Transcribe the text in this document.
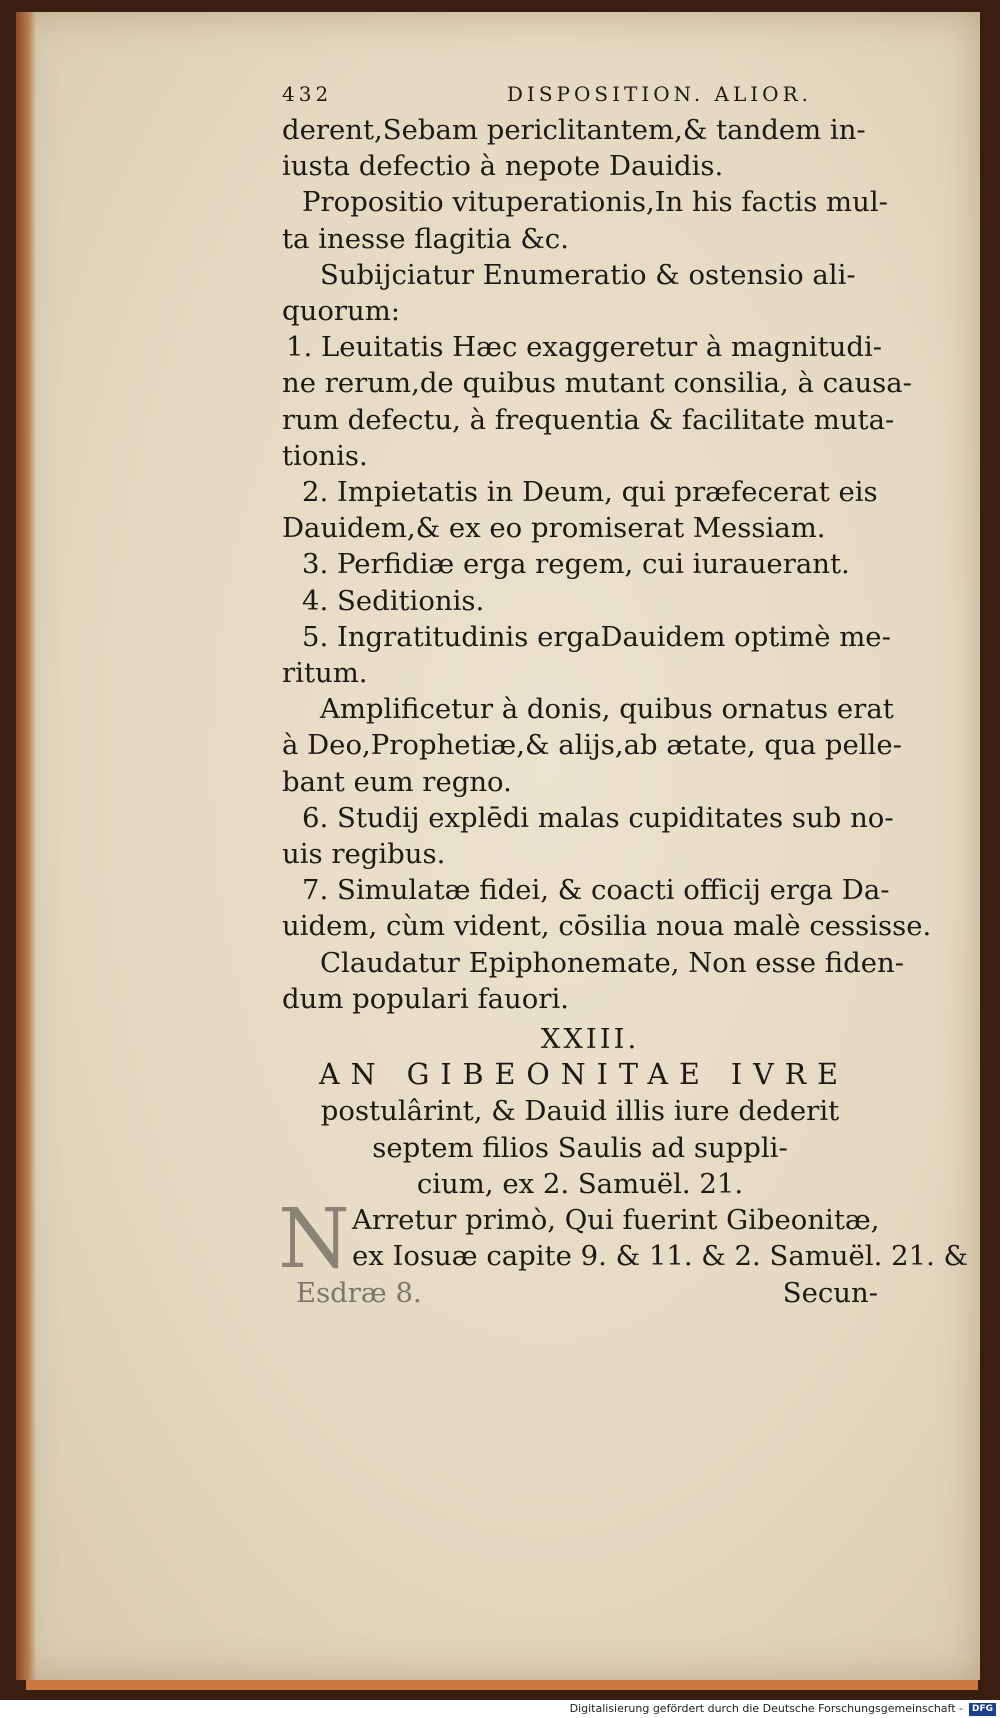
432	DISPOSITION. ALIOR.
derent,Sebam periclitantem,& tandem in-
iusta defectio à nepote Dauidis.
Propositio vituperationis,In his factis mul-
ta inesse flagitia &c.
Subijciatur Enumeratio & ostensio ali-
quorum:
1. Leuitatis Hæc exaggeretur à magnitudi-
ne rerum,de quibus mutant consilia, à causa-
rum defectu, à frequentia & facilitate muta-
tionis.
2. Impietatis in Deum, qui præfecerat eis
Dauidem,& ex eo promiserat Messiam.
3. Perfidiæ erga regem, cui iurauerant.
4. Seditionis.
5. Ingratitudinis ergaDauidem optimè me-
ritum.
Amplificetur à donis, quibus ornatus erat
à Deo,Prophetiæ,& alijs,ab ætate, qua pelle-
bant eum regno.
6. Studij explēdi malas cupiditates sub no-
uis regibus.
7. Simulatæ fidei, & coacti officij erga Da-
uidem, cùm vident, cōsilia noua malè cessisse.
Claudatur Epiphonemate, Non esse fiden-
dum populari fauori.
XXIII.
AN GIBEONITAE IVRE
postulârint, & Dauid illis iure dederit
septem filios Saulis ad suppli-
cium, ex 2. Samuël. 21.
N Arretur primò, Qui fuerint Gibeonitæ,
ex Iosuæ capite 9. & 11. & 2. Samuël. 21. &
Esdræ 8.	Secun-
Digitalisierung gefördert durch die Deutsche Forschungsgemeinschaft - DFG
